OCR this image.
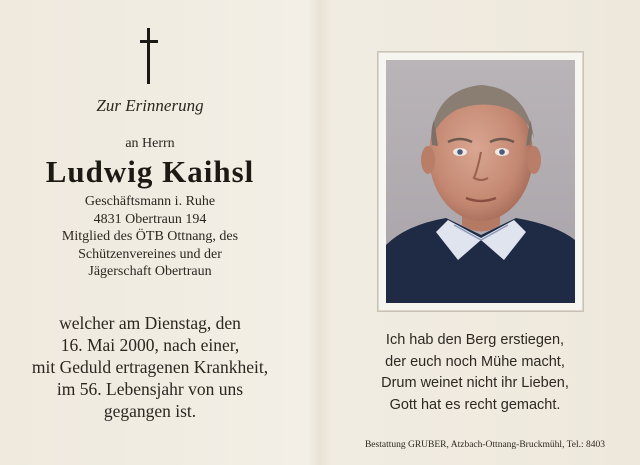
Zur Erinnerung
an Herrn
Ludwig Kaihsl
Geschäftsmann i. Ruhe
4831 Obertraun 194
Mitglied des ÖTB Ottnang, des
Schützenvereines und der
Jägerschaft Obertraun
welcher am Dienstag, den
16. Mai 2000, nach einer,
mit Geduld ertragenen Krankheit,
im 56. Lebensjahr von uns
gegangen ist.
Ich hab den Berg erstiegen,
der euch noch Mühe macht,
Drum weinet nicht ihr Lieben,
Gott hat es recht gemacht.
Bestattung GRUBER, Atzbach-Ottnang-Bruckmühl, Tel.: 8403
